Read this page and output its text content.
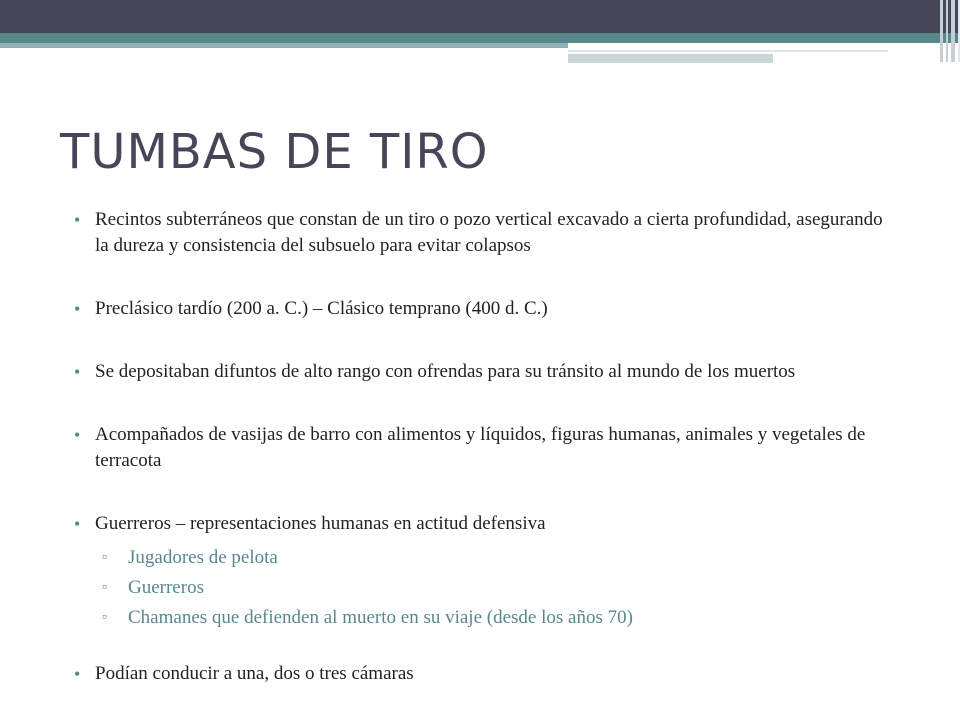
TUMBAS DE TIRO
• Recintos subterráneos que constan de un tiro o pozo vertical excavado a cierta profundidad, asegurando la dureza y consistencia del subsuelo para evitar colapsos
• Preclásico tardío (200 a. C.) – Clásico temprano (400 d. C.)
• Se depositaban difuntos de alto rango con ofrendas para su tránsito al mundo de los muertos
• Acompañados de vasijas de barro con alimentos y líquidos, figuras humanas, animales y vegetales de terracota
• Guerreros – representaciones humanas en actitud defensiva
▫ Jugadores de pelota
▫ Guerreros
▫ Chamanes que defienden al muerto en su viaje (desde los años 70)
• Podían conducir a una, dos o tres cámaras
